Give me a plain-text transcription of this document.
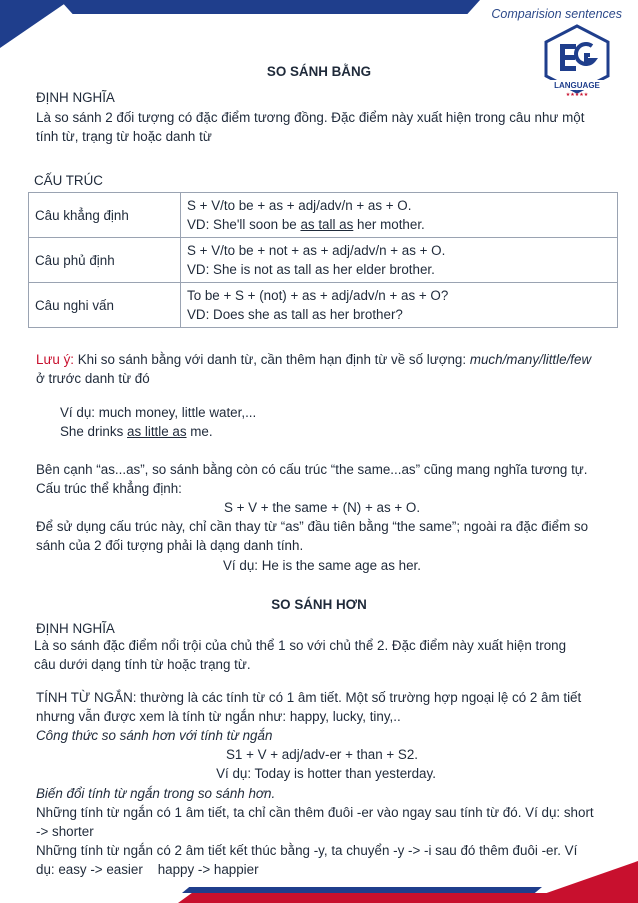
Comparision sentences
LANGUAGE
★★★★★
SO SÁNH BẰNG
ĐỊNH NGHĨA
Là so sánh 2 đối tượng có đặc điểm tương đồng. Đặc điểm này xuất hiện trong câu như một
tính từ, trạng từ hoặc danh từ
CẤU TRÚC
Câu khẳng định	S + V/to be + as + adj/adv/n + as + O.
VD: She'll soon be as tall as her mother.

Câu phủ định	S + V/to be + not + as + adj/adv/n + as + O.
VD: She is not as tall as her elder brother.

Câu nghi vấn	To be + S + (not) + as + adj/adv/n + as + O?
VD: Does she as tall as her brother?
Lưu ý: Khi so sánh bằng với danh từ, cần thêm hạn định từ về số lượng: much/many/little/few
ở trước danh từ đó
Ví dụ: much money, little water,...
She drinks as little as me.
Bên cạnh “as...as”, so sánh bằng còn có cấu trúc “the same...as” cũng mang nghĩa tương tự.
Cấu trúc thể khẳng định:
S + V + the same + (N) + as + O.
Để sử dụng cấu trúc này, chỉ cần thay từ “as” đầu tiên bằng “the same”; ngoài ra đặc điểm so
sánh của 2 đối tượng phải là dạng danh tính.
Ví dụ: He is the same age as her.
SO SÁNH HƠN
ĐỊNH NGHĨA
Là so sánh đặc điểm nổi trội của chủ thể 1 so với chủ thể 2. Đặc điểm này xuất hiện trong
câu dưới dạng tính từ hoặc trạng từ.
TÍNH TỪ NGẮN: thường là các tính từ có 1 âm tiết. Một số trường hợp ngoại lệ có 2 âm tiết
nhưng vẫn được xem là tính từ ngắn như: happy, lucky, tiny,..
Công thức so sánh hơn với tính từ ngắn
S1 + V + adj/adv-er + than + S2.
Ví dụ: Today is hotter than yesterday.
Biến đổi tính từ ngắn trong so sánh hơn.
Những tính từ ngắn có 1 âm tiết, ta chỉ cần thêm đuôi -er vào ngay sau tính từ đó. Ví dụ: short
-> shorter
Những tính từ ngắn có 2 âm tiết kết thúc bằng -y, ta chuyển -y -> -i sau đó thêm đuôi -er. Ví
dụ: easy -> easier    happy -> happier
